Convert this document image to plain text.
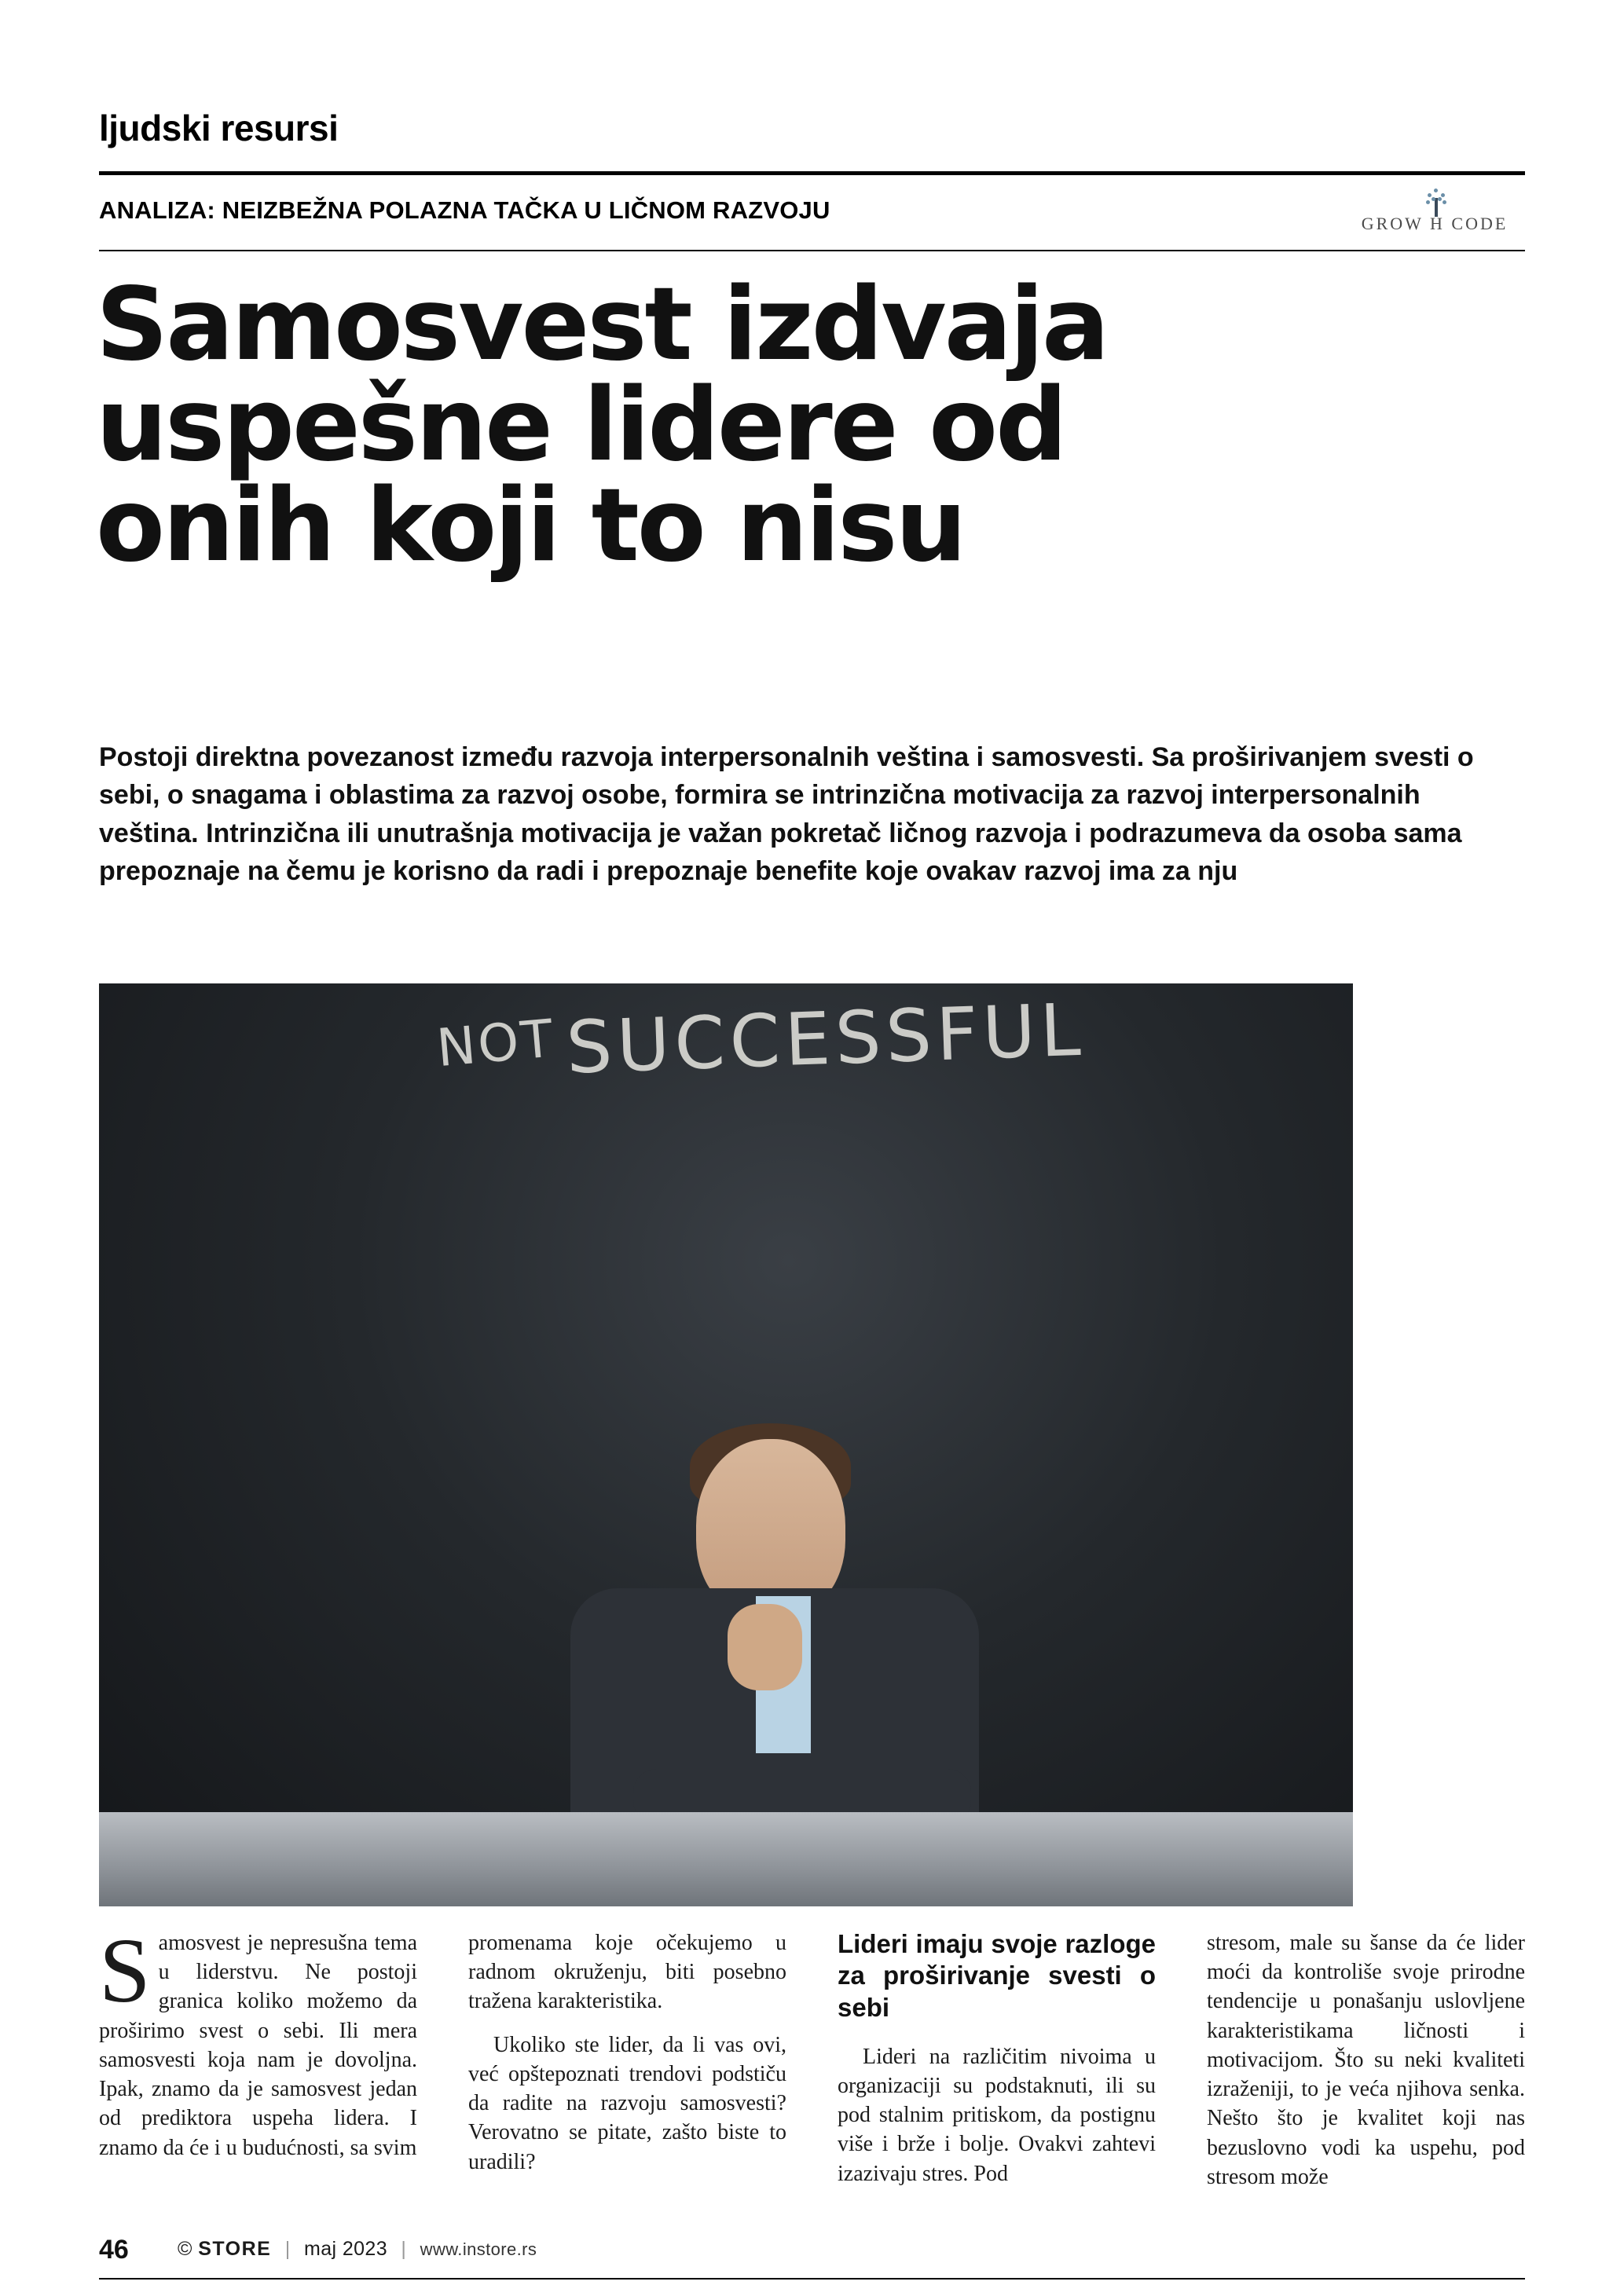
ljudski resursi
ANALIZA: NEIZBEŽNA POLAZNA TAČKA U LIČNOM RAZVOJU	GROW H CODE
Samosvest izdvaja
uspešne lidere od
onih koji to nisu
Postoji direktna povezanost između razvoja interpersonalnih veština i samosvesti. Sa proširivanjem svesti o sebi, o snagama i oblastima za razvoj osobe, formira se intrinzična motivacija za razvoj interpersonalnih veština. Intrinzična ili unutrašnja motivacija je važan pokretač ličnog razvoja i podrazumeva da osoba sama prepoznaje na čemu je korisno da radi i prepoznaje benefite koje ovakav razvoj ima za nju
NOT SUCCESSFUL

Samosvest je nepresušna tema u liderstvu. Ne postoji granica koliko možemo da proširimo svest o sebi. Ili mera samosvesti koja nam je dovoljna. Ipak, znamo da je samosvest jedan od prediktora uspeha lidera. I znamo da će i u budućnosti, sa svim

promenama koje očekujemo u radnom okruženju, biti posebno tražena karakteristika.

Ukoliko ste lider, da li vas ovi, već opštepoznati trendovi podstiču da radite na razvoju samosvesti? Verovatno se pitate, zašto biste to uradili?

Lideri imaju svoje razloge za proširivanje svesti o sebi

Lideri na različitim nivoima u organizaciji su podstaknuti, ili su pod stalnim pritiskom, da postignu više i brže i bolje. Ovakvi zahtevi izazivaju stres. Pod

stresom, male su šanse da će lider moći da kontroliše svoje prirodne tendencije u ponašanju uslovljene karakteristikama ličnosti i motivacijom. Što su neki kvaliteti izraženiji, to je veća njihova senka. Nešto što je kvalitet koji nas bezuslovno vodi ka uspehu, pod stresom može

46 © STORE | maj 2023 | www.instore.rs
